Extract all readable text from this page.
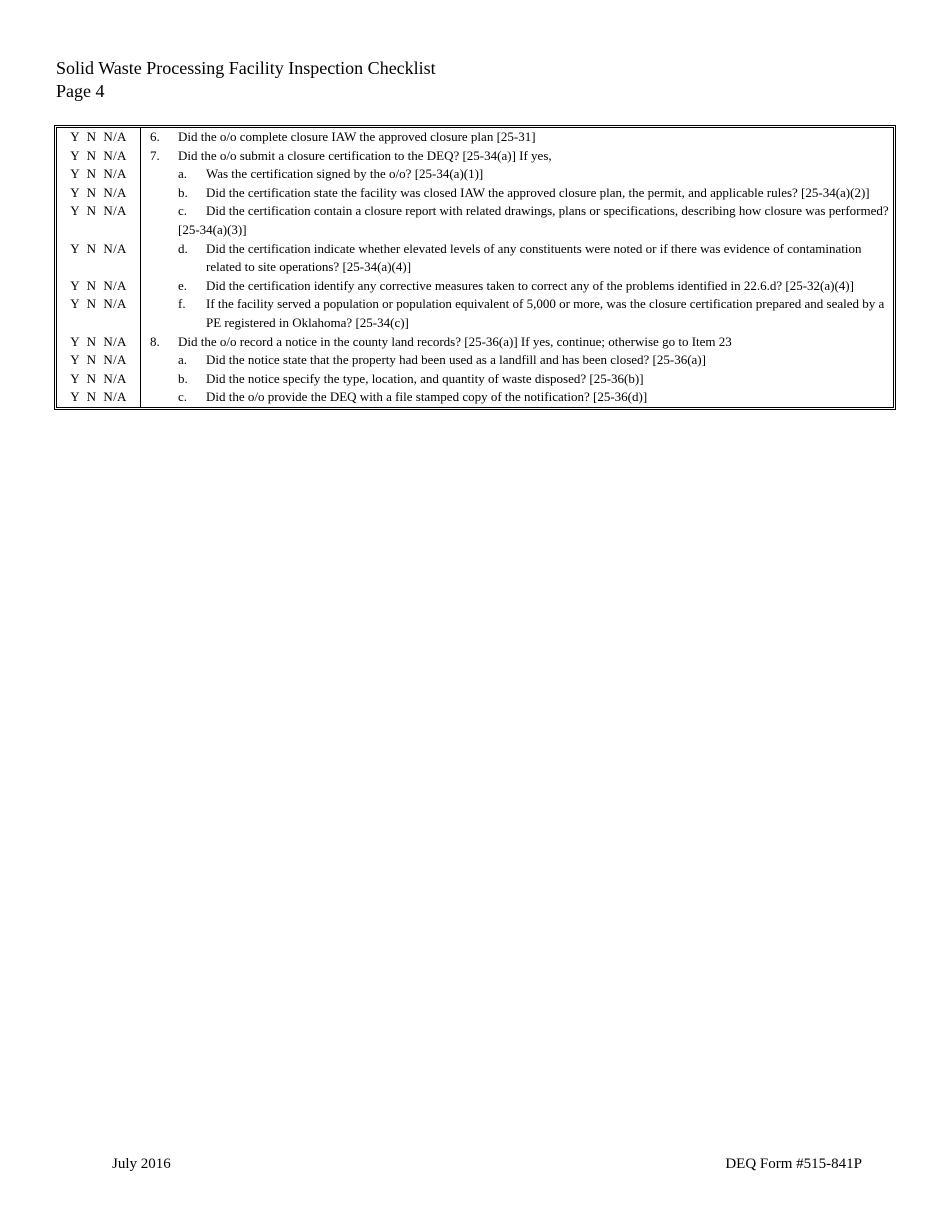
Solid Waste Processing Facility Inspection Checklist
Page 4
Y  N  N/A	6. Did the o/o complete closure IAW the approved closure plan [25-31]
Y  N  N/A	7. Did the o/o submit a closure certification to the DEQ? [25-34(a)] If yes,
Y  N  N/A	a. Was the certification signed by the o/o? [25-34(a)(1)]
Y  N  N/A	b. Did the certification state the facility was closed IAW the approved closure plan, the permit, and applicable rules? [25-34(a)(2)]
Y  N  N/A	c.	Did the certification contain a closure report with related drawings, plans or specifications, describing how closure was performed? [25-34(a)(3)]
Y  N  N/A	d. Did the certification indicate whether elevated levels of any constituents were noted or if there was evidence of contamination related to site operations? [25-34(a)(4)]
Y  N  N/A	e. Did the certification identify any corrective measures taken to correct any of the problems identified in 22.6.d? [25-32(a)(4)]
Y  N  N/A	f. If the facility served a population or population equivalent of 5,000 or more, was the closure certification prepared and sealed by a PE registered in Oklahoma? [25-34(c)]
Y  N  N/A	8. Did the o/o record a notice in the county land records? [25-36(a)] If yes, continue; otherwise go to Item 23
Y  N  N/A	a. Did the notice state that the property had been used as a landfill and has been closed? [25-36(a)]
Y  N  N/A	b. Did the notice specify the type, location, and quantity of waste disposed? [25-36(b)]
Y  N  N/A	c. Did the o/o provide the DEQ with a file stamped copy of the notification? [25-36(d)]
July 2016	DEQ Form #515-841P
